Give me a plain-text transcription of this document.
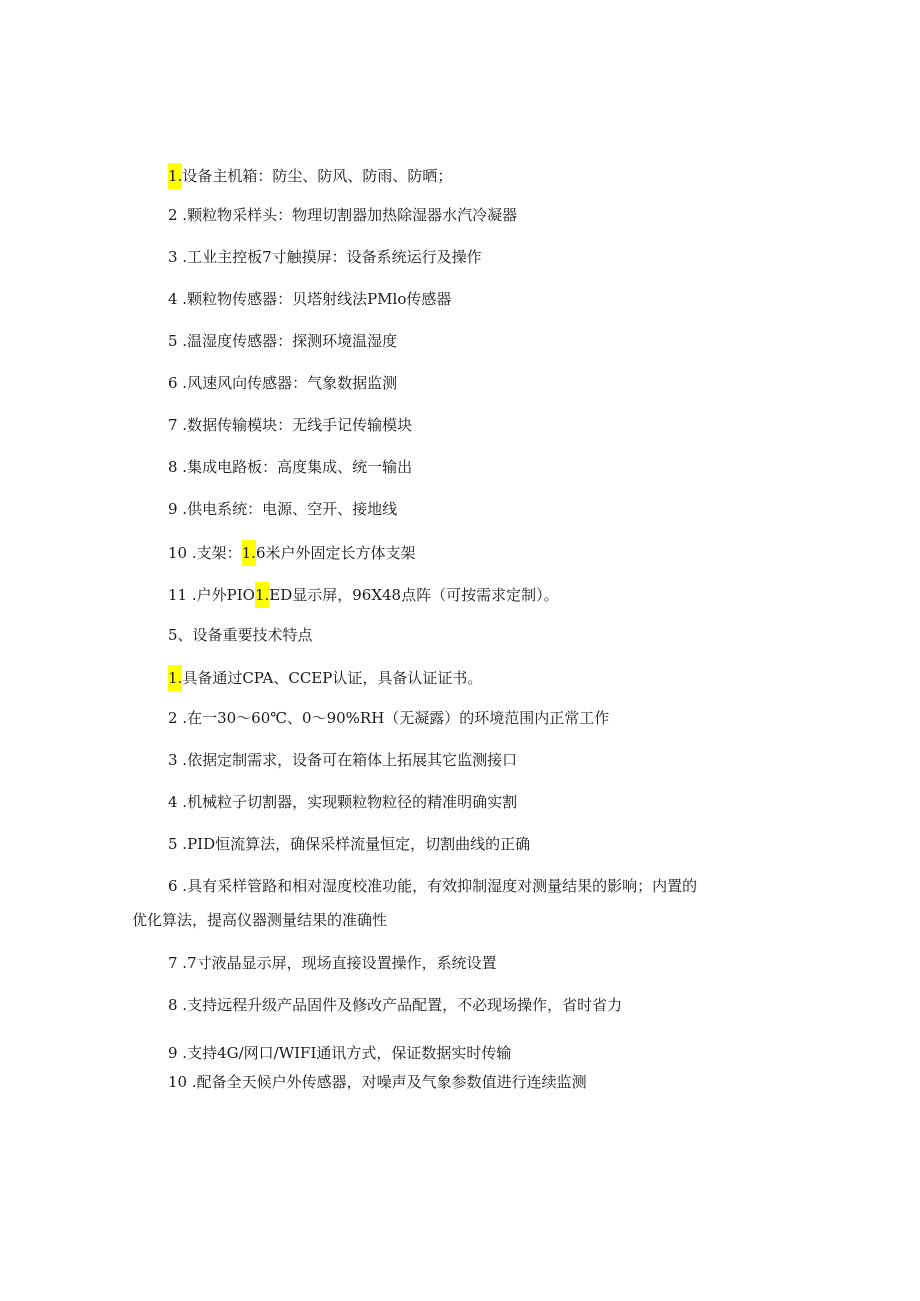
1.设备主机箱：防尘、防风、防雨、防晒；
2 .颗粒物采样头：物理切割器加热除湿器水汽冷凝器
3 .工业主控板7寸触摸屏：设备系统运行及操作
4 .颗粒物传感器：贝塔射线法PMlo传感器
5 .温湿度传感器：探测环境温湿度
6 .风速风向传感器：气象数据监测
7 .数据传输模块：无线手记传输模块
8 .集成电路板：高度集成、统一输出
9 .供电系统：电源、空开、接地线
10 .支架：1.6米户外固定长方体支架
11 .户外PIO1.ED显示屏，96X48点阵（可按需求定制）。
5、设备重要技术特点
1.具备通过CPA、CCEP认证，具备认证证书。
2 .在一30～60℃、0～90%RH（无凝露）的环境范围内正常工作
3 .依据定制需求，设备可在箱体上拓展其它监测接口
4 .机械粒子切割器，实现颗粒物粒径的精准明确实割
5 .PID恒流算法，确保采样流量恒定，切割曲线的正确
6 .具有采样管路和相对湿度校准功能，有效抑制湿度对测量结果的影响；内置的
优化算法，提高仪器测量结果的准确性
7 .7寸液晶显示屏，现场直接设置操作，系统设置
8 .支持远程升级产品固件及修改产品配置，不必现场操作，省时省力
9 .支持4G/网口/WIFI通讯方式，保证数据实时传输
10 .配备全天候户外传感器，对噪声及气象参数值进行连续监测
